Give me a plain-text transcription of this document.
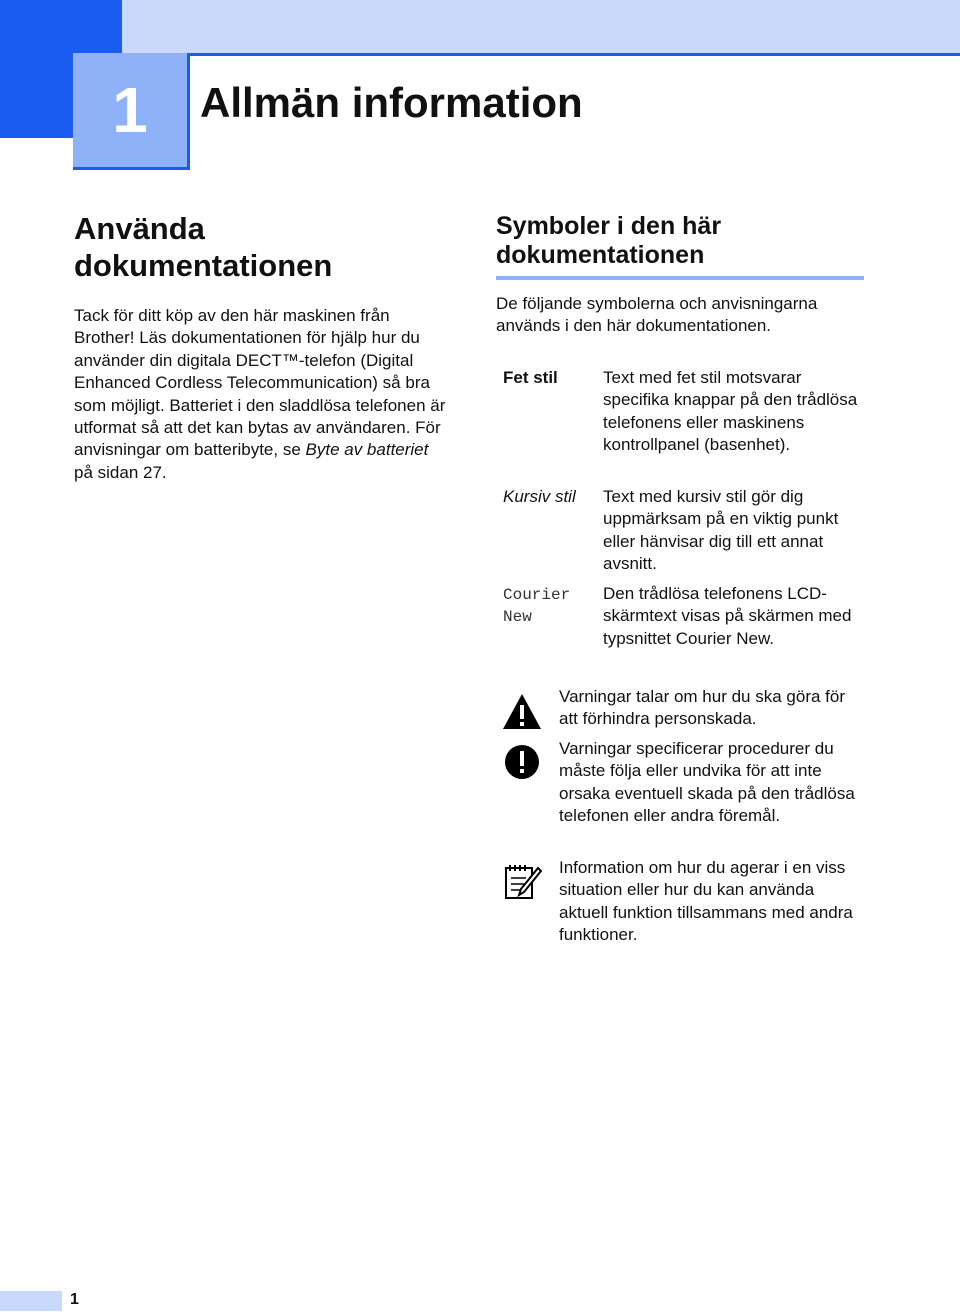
1 Allmän information
Använda dokumentationen

Tack för ditt köp av den här maskinen från Brother! Läs dokumentationen för hjälp hur du använder din digitala DECT™-telefon (Digital Enhanced Cordless Telecommunication) så bra som möjligt. Batteriet i den sladdlösa telefonen är utformat så att det kan bytas av användaren. För anvisningar om batteribyte, se Byte av batteriet på sidan 27.

Symboler i den här dokumentationen

De följande symbolerna och anvisningarna används i den här dokumentationen.

Fet stil	Text med fet stil motsvarar specifika knappar på den trådlösa telefonens eller maskinens kontrollpanel (basenhet).
Kursiv stil Text med kursiv stil gör dig uppmärksam på en viktig punkt eller hänvisar dig till ett annat avsnitt.
Courier New
Den trådlösa telefonens LCD-skärmtext visas på skärmen med typsnittet Courier New.
Varningar talar om hur du ska göra för att förhindra personskada.
Varningar specificerar procedurer du måste följa eller undvika för att inte orsaka eventuell skada på den trådlösa telefonen eller andra föremål.
Information om hur du agerar i en viss situation eller hur du kan använda aktuell funktion tillsammans med andra funktioner.
1
